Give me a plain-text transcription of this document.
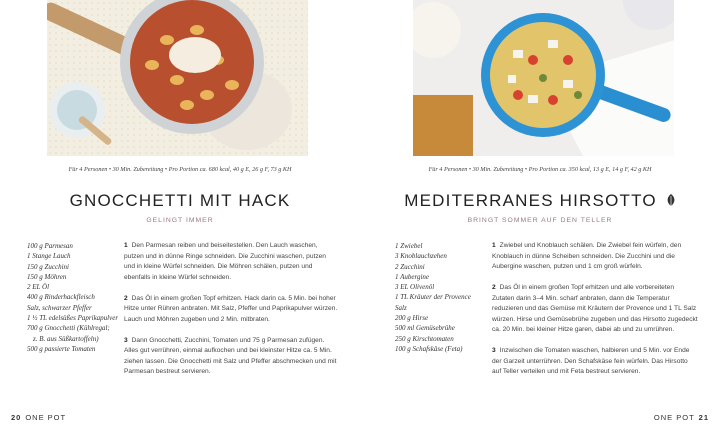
Für 4 Personen • 30 Min. Zubereitung • Pro Portion ca. 680 kcal, 40 g E, 26 g F, 73 g KH
GNOCCHETTI MIT HACK
GELINGT IMMER
100 g Parmesan
1 Stange Lauch
150 g Zucchini
150 g Möhren
2 EL Öl
400 g Rinderhackfleisch
Salz, schwarzer Pfeffer
1 ½ TL edelsüßes Paprikapulver
700 g Gnocchetti (Kühlregal;
z. B. aus Süßkartoffeln)
500 g passierte Tomaten

1 Den Parmesan reiben und beiseitestellen. Den Lauch waschen, putzen und in dünne Ringe schneiden. Die Zucchini waschen, putzen und in kleine Würfel schneiden. Die Möhren schälen, putzen und ebenfalls in kleine Würfel schneiden.

2 Das Öl in einem großen Topf erhitzen. Hack darin ca. 5 Min. bei hoher Hitze unter Rühren anbraten. Mit Salz, Pfeffer und Paprikapulver würzen. Lauch und Möhren zugeben und 2 Min. mitbraten.

3 Dann Gnocchetti, Zucchini, Tomaten und 75 g Parmesan zufügen. Alles gut verrühren, einmal aufkochen und bei kleinster Hitze ca. 5 Min. ziehen lassen. Die Gnocchetti mit Salz und Pfeffer abschmecken und mit Parmesan bestreut servieren.

20 ONE POT
Für 4 Personen • 30 Min. Zubereitung • Pro Portion ca. 350 kcal, 13 g E, 14 g F, 42 g KH
MEDITERRANES HIRSOTTO
BRINGT SOMMER AUF DEN TELLER
1 Zwiebel
3 Knoblauchzehen
2 Zucchini
1 Aubergine
3 EL Olivenöl
1 TL Kräuter der Provence
Salz
200 g Hirse
500 ml Gemüsebrühe
250 g Kirschtomaten
100 g Schafskäse (Feta)

1 Zwiebel und Knoblauch schälen. Die Zwiebel fein würfeln, den Knoblauch in dünne Scheiben schneiden. Die Zucchini und die Aubergine waschen, putzen und 1 cm groß würfeln.

2 Das Öl in einem großen Topf erhitzen und alle vorbereiteten Zutaten darin 3–4 Min. scharf anbraten, dann die Temperatur reduzieren und das Gemüse mit Kräutern der Provence und 1 TL Salz würzen. Hirse und Gemüsebrühe zugeben und das Hirsotto zugedeckt ca. 20 Min. bei kleiner Hitze garen, dabei ab und zu umrühren.

3 Inzwischen die Tomaten waschen, halbieren und 5 Min. vor Ende der Garzeit unterrühren. Den Schafskäse fein würfeln. Das Hirsotto auf Teller verteilen und mit Feta bestreut servieren.

ONE POT 21
